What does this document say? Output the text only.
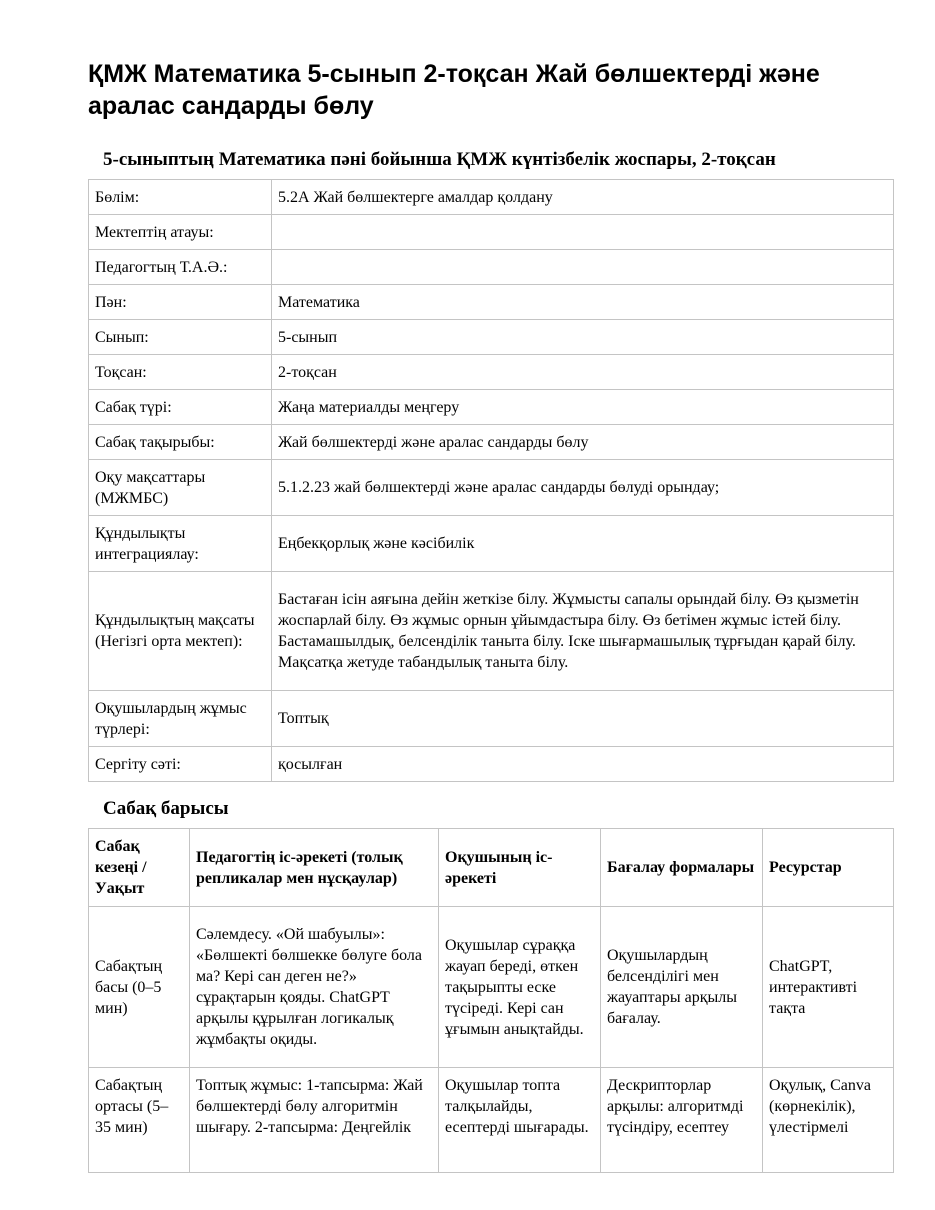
ҚМЖ Математика 5-сынып 2-тоқсан Жай бөлшектерді және аралас сандарды бөлу
5-сыныптың Математика пәні бойынша ҚМЖ күнтізбелік жоспары, 2-тоқсан
Бөлім:	5.2А Жай бөлшектерге амалдар қолдану
Мектептің атауы:	
Педагогтың Т.А.Ә.:	
Пән:	Математика
Сынып:	5-сынып
Тоқсан:	2-тоқсан
Сабақ түрі:	Жаңа материалды меңгеру
Сабақ тақырыбы:	Жай бөлшектерді және аралас сандарды бөлу
Оқу мақсаттары (МЖМБС)	5.1.2.23 жай бөлшектерді және аралас сандарды бөлуді орындау;
Құндылықты интеграциялау:	Еңбекқорлық және кәсібилік
Құндылықтың мақсаты (Негізгі орта мектеп):	Бастаған ісін аяғына дейін жеткізе білу. Жұмысты сапалы орындай білу. Өз қызметін жоспарлай білу. Өз жұмыс орнын ұйымдастыра білу. Өз бетімен жұмыс істей білу. Бастамашылдық, белсенділік таныта білу. Іске шығармашылық тұрғыдан қарай білу. Мақсатқа жетуде табандылық таныта білу.
Оқушылардың жұмыс түрлері:	Топтық
Сергіту сәті:	қосылған
Сабақ барысы
Сабақ кезеңі / Уақыт	Педагогтің іс-әрекеті (толық репликалар мен нұсқаулар)	Оқушының іс-әрекеті	Бағалау формалары	Ресурстар
Сабақтың басы (0–5 мин)	Сәлемдесу. «Ой шабуылы»: «Бөлшекті бөлшекке бөлуге бола ма? Кері сан деген не?» сұрақтарын қояды. ChatGPT арқылы құрылған логикалық жұмбақты оқиды.	Оқушылар сұраққа жауап береді, өткен тақырыпты еске түсіреді. Кері сан ұғымын анықтайды.	Оқушылардың белсенділігі мен жауаптары арқылы бағалау.	ChatGPT, интерактивті тақта

Сабақтың ортасы (5–35 мин)	Топтық жұмыс: 1-тапсырма: Жай бөлшектерді бөлу алгоритмін шығару. 2-тапсырма: Деңгейлік	Оқушылар топта талқылайды, есептерді шығарады.	Дескрипторлар арқылы: алгоритмді түсіндіру, есептеу	Оқулық, Canva (көрнекілік), үлестірмелі
